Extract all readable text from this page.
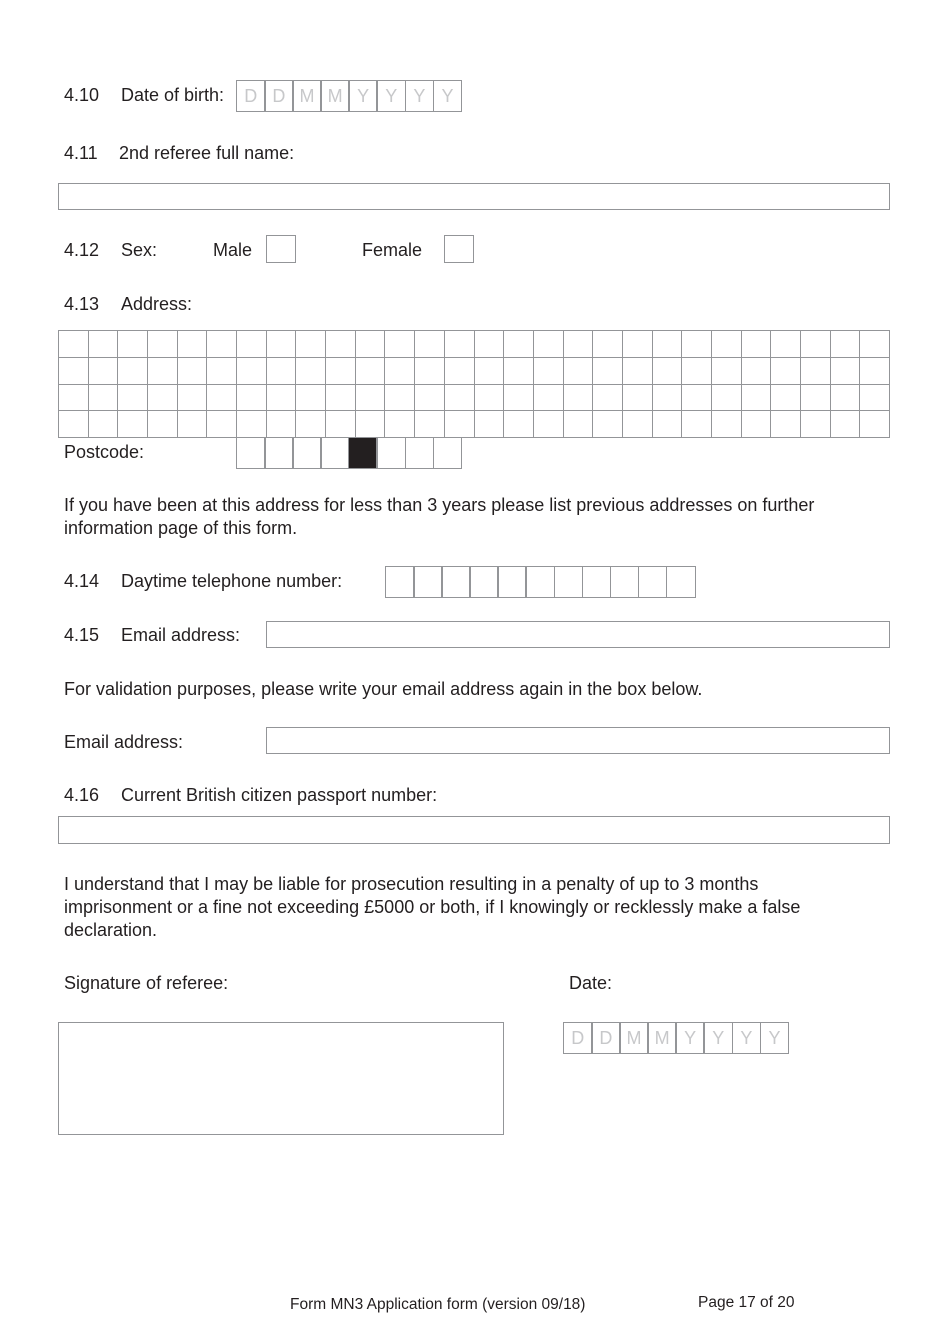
4.10 Date of birth:	D D M M Y Y Y Y
4.11 2nd referee full name:
4.12 Sex:	Male	Female
4.13 Address:
Postcode:
If you have been at this address for less than 3 years please list previous addresses on further information page of this form.
4.14 Daytime telephone number:
4.15 Email address:
For validation purposes, please write your email address again in the box below.
Email address:
4.16 Current British citizen passport number:
I understand that I may be liable for prosecution resulting in a penalty of up to 3 months imprisonment or a fine not exceeding £5000 or both, if I knowingly or recklessly make a false declaration.
Signature of referee:	Date:
D D M M Y Y Y Y
Form MN3 Application form (version 09/18)	Page 17 of 20
